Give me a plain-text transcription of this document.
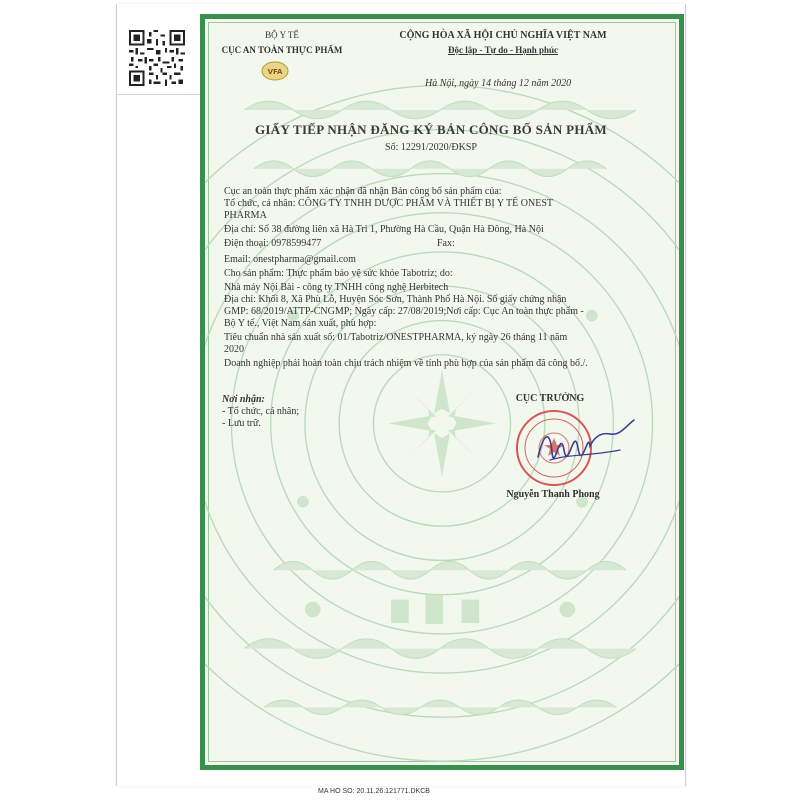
BỘ Y TẾ
CỤC AN TOÀN THỰC PHẨM
VFA
CỘNG HÒA XÃ HỘI CHỦ NGHĨA VIỆT NAM
Độc lập - Tự do - Hạnh phúc
Hà Nội, ngày 14 tháng 12 năm 2020
GIẤY TIẾP NHẬN ĐĂNG KÝ BẢN CÔNG BỐ SẢN PHẨM
Số: 12291/2020/ĐKSP
Cục an toàn thực phẩm xác nhận đã nhận Bản công bố sản phẩm của:
Tổ chức, cá nhân: CÔNG TY TNHH DƯỢC PHẨM VÀ THIẾT BỊ Y TẾ ONEST
PHARMA
Địa chỉ: Số 38 đường liên xã Hà Trì 1, Phường Hà Cầu, Quận Hà Đông, Hà Nội
Điện thoại: 0978599477	Fax:
Email: onestpharma@gmail.com
Cho sản phẩm: Thực phẩm bảo vệ sức khỏe Tabotriz; do:
Nhà máy Nội Bài - công ty TNHH công nghệ Herbitech
Địa chỉ: Khối 8, Xã Phù Lỗ, Huyện Sóc Sơn, Thành Phố Hà Nội. Số giấy chứng nhận
GMP: 68/2019/ATTP-CNGMP; Ngày cấp: 27/08/2019;Nơi cấp: Cục An toàn thực phẩm -
Bộ Y tế., Việt Nam sản xuất, phù hợp:
Tiêu chuẩn nhà sản xuất số: 01/Tabotriz/ONESTPHARMA, ký ngày 26 tháng 11 năm
2020
Doanh nghiệp phải hoàn toàn chịu trách nhiệm về tính phù hợp của sản phẩm đã công bố./.
Nơi nhận:
- Tổ chức, cá nhân;
- Lưu trữ.
CỤC TRƯỞNG
Nguyễn Thanh Phong
MA HO SO: 20.11.26.121771.DKCB
